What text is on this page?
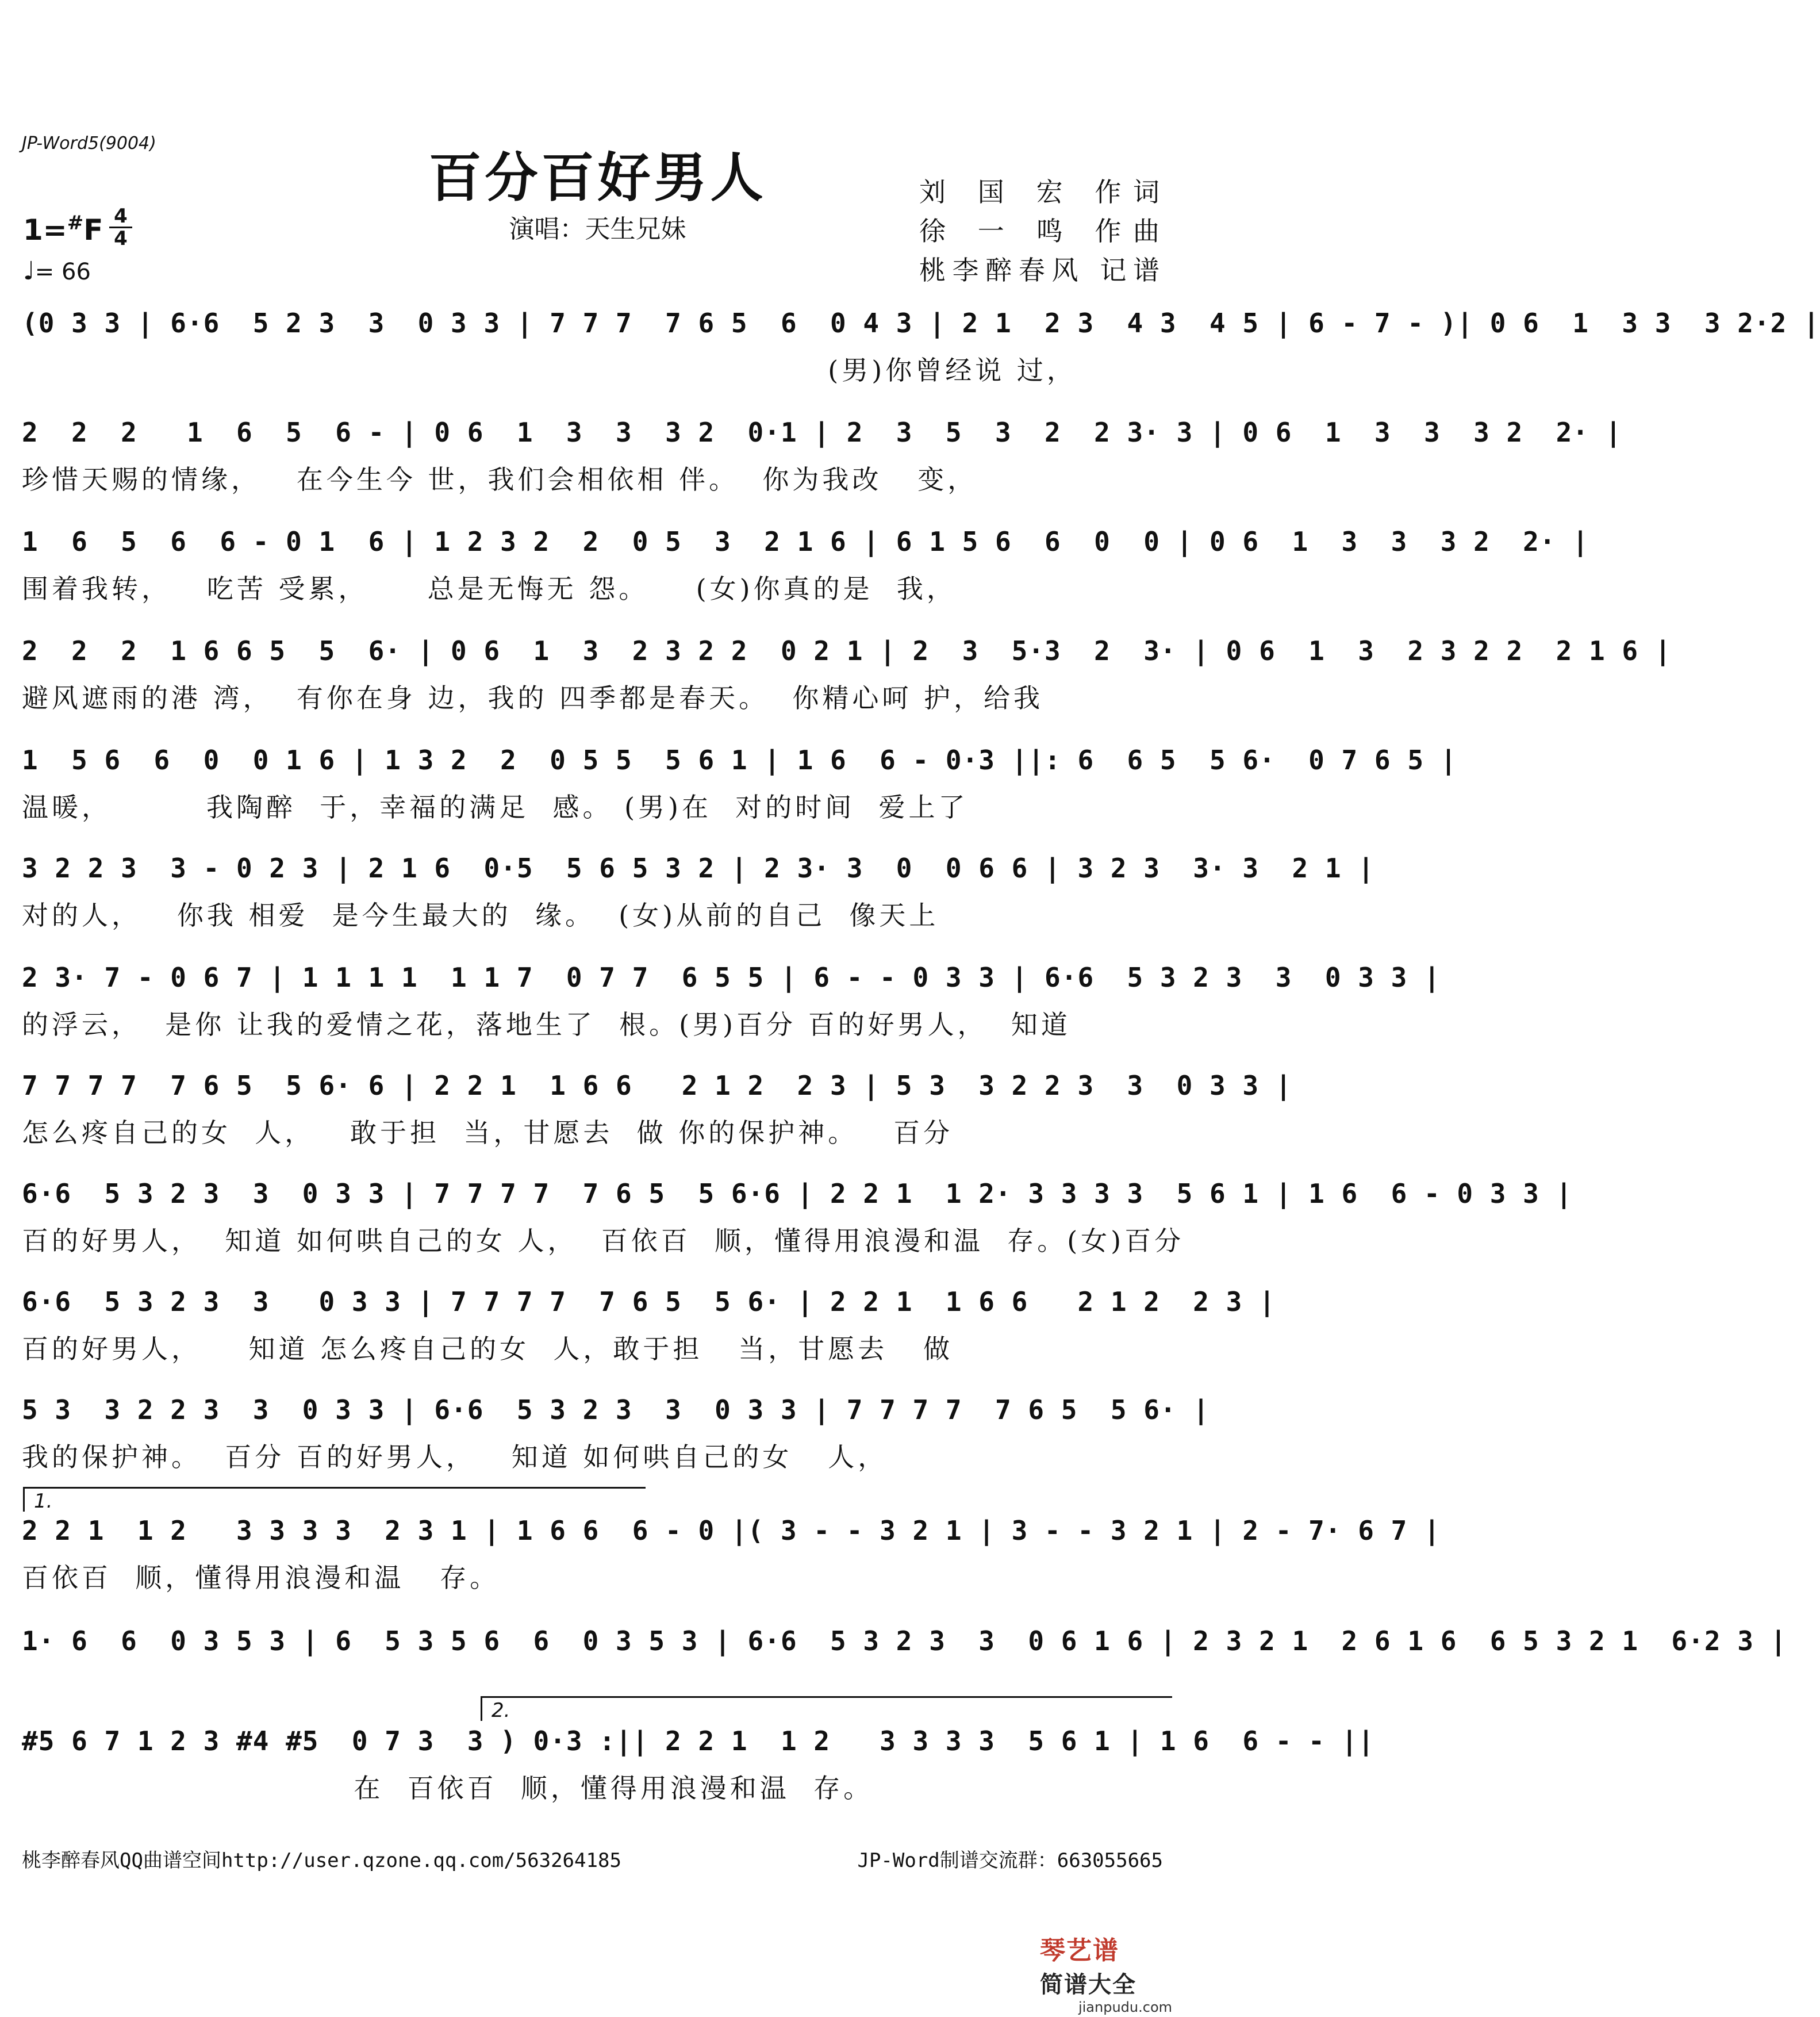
JP-Word5(9004)
百分百好男人
演唱：天生兄妹
刘 国 宏 作词
徐 一 鸣 作曲
桃李醉春风 记谱
1=#F 4
4
♩= 66
(0 3 3 | 6·6  5 2 3  3  0 3 3 | 7 7 7  7 6 5  6  0 4 3 | 2 1  2 3  4 3  4 5 | 6 - 7 - )| 0 6  1  3 3  3 2·2 |
(男)你曾经说 过，
2  2  2   1  6  5  6 - | 0 6  1  3  3  3 2  0·1 | 2  3  5  3  2  2 3· 3 | 0 6  1  3  3  3 2  2· |
珍惜天赐的情缘，   在今生今 世，我们会相依相 伴。  你为我改   变，
1  6  5  6  6 - 0 1  6 | 1 2 3 2  2  0 5  3  2 1 6 | 6 1 5 6  6  0  0 | 0 6  1  3  3  3 2  2· |
围着我转，   吃苦 受累，     总是无悔无 怨。    (女)你真的是  我，
2  2  2  1 6 6 5  5  6· | 0 6  1  3  2 3 2 2  0 2 1 | 2  3  5·3  2  3· | 0 6  1  3  2 3 2 2  2 1 6 |
避风遮雨的港 湾，  有你在身 边，我的 四季都是春天。  你精心呵 护，给我
1  5 6  6  0  0 1 6 | 1 3 2  2  0 5 5  5 6 1 | 1 6  6 - 0·3 ||: 6  6 5  5 6·  0 7 6 5 |
温暖，        我陶醉  于，幸福的满足  感。 (男)在  对的时间  爱上了
3 2 2 3  3 - 0 2 3 | 2 1 6  0·5  5 6 5 3 2 | 2 3· 3  0  0 6 6 | 3 2 3  3· 3  2 1 |
对的人，   你我 相爱  是今生最大的  缘。  (女)从前的自己  像天上
2 3· 7 - 0 6 7 | 1 1 1 1  1 1 7  0 7 7  6 5 5 | 6 - - 0 3 3 | 6·6  5 3 2 3  3  0 3 3 |
的浮云，  是你 让我的爱情之花，落地生了  根。(男)百分 百的好男人，  知道
7 7 7 7  7 6 5  5 6· 6 | 2 2 1  1 6 6   2 1 2  2 3 | 5 3  3 2 2 3  3  0 3 3 |
怎么疼自己的女  人，   敢于担  当，甘愿去  做 你的保护神。   百分
6·6  5 3 2 3  3  0 3 3 | 7 7 7 7  7 6 5  5 6·6 | 2 2 1  1 2· 3 3 3 3  5 6 1 | 1 6  6 - 0 3 3 |
百的好男人，  知道 如何哄自己的女 人，  百依百  顺，懂得用浪漫和温  存。(女)百分
6·6  5 3 2 3  3   0 3 3 | 7 7 7 7  7 6 5  5 6· | 2 2 1  1 6 6   2 1 2  2 3 |
百的好男人，    知道 怎么疼自己的女  人，敢于担   当，甘愿去   做
5 3  3 2 2 3  3  0 3 3 | 6·6  5 3 2 3  3  0 3 3 | 7 7 7 7  7 6 5  5 6· |
我的保护神。  百分 百的好男人，   知道 如何哄自己的女   人，
2 2 1  1 2   3 3 3 3  2 3 1 | 1 6 6  6 - 0 |( 3 - - 3 2 1 | 3 - - 3 2 1 | 2 - 7· 6 7 |
百依百  顺，懂得用浪漫和温   存。
1· 6  6  0 3 5 3 | 6  5 3 5 6  6  0 3 5 3 | 6·6  5 3 2 3  3  0 6 1 6 | 2 3 2 1  2 6 1 6  6 5 3 2 1  6·2 3 |
#5 6 7 1 2 3 #4 #5  0 7 3  3 ) 0·3 :|| 2 2 1  1 2   3 3 3 3  5 6 1 | 1 6  6 - - ||
在  百依百  顺，懂得用浪漫和温  存。
桃李醉春风QQ曲谱空间http://user.qzone.qq.com/563264185	JP-Word制谱交流群：663055665
琴艺谱
简谱大全
jianpudu.com
1.
2.
